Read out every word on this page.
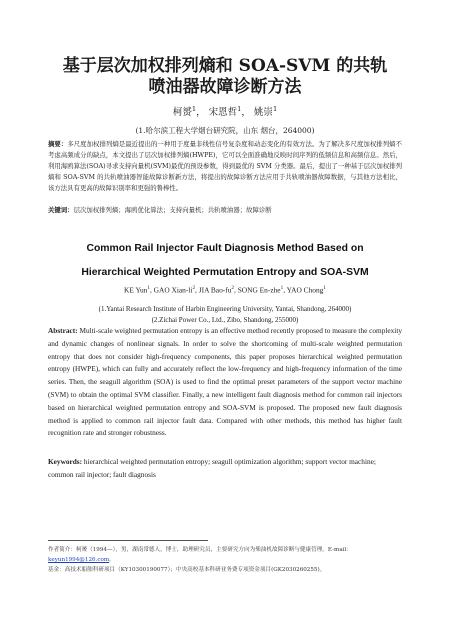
基于层次加权排列熵和 SOA-SVM 的共轨
喷油器故障诊断方法
柯赟$^1$， 宋恩哲$^1$， 姚崇$^1$
(1.哈尔滨工程大学烟台研究院，山东 烟台，264000)
摘要：多尺度加权排列熵是最近提出的一种用于度量非线性信号复杂度和动态变化的有效方法。为了解决多尺度加权排列熵不考虑高频成分的缺点，本文提出了层次加权排列熵(HWPE)，它可以全面准确地反映时间序列的低频信息和高频信息。然后，利用海鸥算法(SOA)寻求支持向量机(SVM)最优的预设参数，得到最优的 SVM 分类器。最后，提出了一种基于层次加权排列熵和 SOA-SVM 的共轨喷油器智能故障诊断新方法，将提出的故障诊断方法应用于共轨喷油器故障数据，与其他方法相比，该方法具有更高的故障识别率和更强的鲁棒性。
关键词：层次加权排列熵；海鸥优化算法；支持向量机；共轨喷油器；故障诊断
Common Rail Injector Fault Diagnosis Method Based on
Hierarchical Weighted Permutation Entropy and SOA-SVM
KE Yun$^1$, GAO Xian-$li^2$, JIA Bao-$fu^2$, SONG En-zhe$^1$, YAO Chong$^1$
(1.Yantai Research Institute of Harbin Engineering University, Yantai, Shandong, 264000)
(2.Zichai Power Co., Ltd., Zibo, Shandong, 255000)
Abstract: Multi-scale weighted permutation entropy is an effective method recently proposed to measure the complexity and dynamic changes of nonlinear signals. In order to solve the shortcoming of multi-scale weighted permutation entropy that does not consider high-frequency components, this paper proposes hierarchical weighted permutation entropy (HWPE), which can fully and accurately reflect the low-frequency and high-frequency information of the time series. Then, the seagull algorithm (SOA) is used to find the optimal preset parameters of the support vector machine (SVM) to obtain the optimal SVM classifier. Finally, a new intelligent fault diagnosis method for common rail injectors based on hierarchical weighted permutation entropy and SOA-SVM is proposed. The proposed new fault diagnosis method is applied to common rail injector fault data. Compared with other methods, this method has higher fault recognition rate and stronger robustness.
Keywords: hierarchical weighted permutation entropy; seagull optimization algorithm; support vector machine; common rail injector; fault diagnosis
作者简介：柯赟（1994—），男，湖南常德人，博士，助理研究员，主要研究方向为柴油机故障诊断与健康管理。E-mail：keyun1994@126.com。
基金：高技术船舶科研项目（KY10300190077）；中央高校基本科研业务费专项资金项目(GK2030260255)。
